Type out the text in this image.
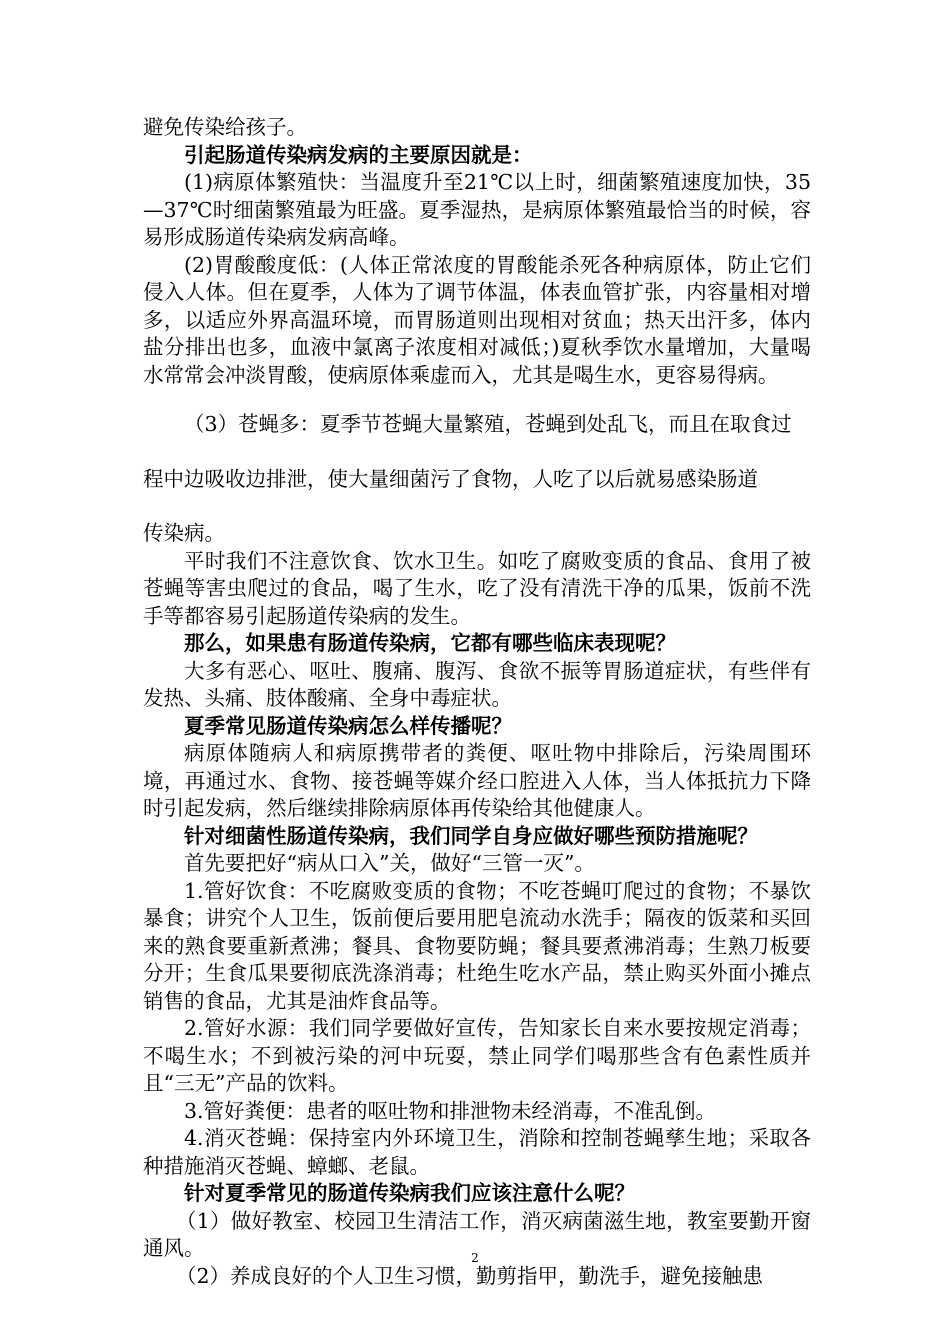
避免传染给孩子。

引起肠道传染病发病的主要原因就是：

(1)病原体繁殖快：当温度升至21℃以上时，细菌繁殖速度加快，35—37℃时细菌繁殖最为旺盛。夏季湿热，是病原体繁殖最恰当的时候，容易形成肠道传染病发病高峰。

(2)胃酸酸度低：(人体正常浓度的胃酸能杀死各种病原体，防止它们侵入人体。但在夏季，人体为了调节体温，体表血管扩张，内容量相对增多，以适应外界高温环境，而胃肠道则出现相对贫血；热天出汗多，体内盐分排出也多，血液中氯离子浓度相对减低；)夏秋季饮水量增加，大量喝水常常会冲淡胃酸，使病原体乘虚而入，尤其是喝生水，更容易得病。

（3）苍蝇多：夏季节苍蝇大量繁殖，苍蝇到处乱飞，而且在取食过

程中边吸收边排泄，使大量细菌污了食物，人吃了以后就易感染肠道

传染病。

平时我们不注意饮食、饮水卫生。如吃了腐败变质的食品、食用了被苍蝇等害虫爬过的食品，喝了生水，吃了没有清洗干净的瓜果，饭前不洗手等都容易引起肠道传染病的发生。

那么，如果患有肠道传染病，它都有哪些临床表现呢？

大多有恶心、呕吐、腹痛、腹泻、食欲不振等胃肠道症状，有些伴有发热、头痛、肢体酸痛、全身中毒症状。

夏季常见肠道传染病怎么样传播呢？

病原体随病人和病原携带者的粪便、呕吐物中排除后，污染周围环境，再通过水、食物、接苍蝇等媒介经口腔进入人体，当人体抵抗力下降时引起发病，然后继续排除病原体再传染给其他健康人。

针对细菌性肠道传染病，我们同学自身应做好哪些预防措施呢？

首先要把好“病从口入”关，做好“三管一灭”。

1.管好饮食：不吃腐败变质的食物；不吃苍蝇叮爬过的食物；不暴饮暴食；讲究个人卫生，饭前便后要用肥皂流动水洗手；隔夜的饭菜和买回来的熟食要重新煮沸；餐具、食物要防蝇；餐具要煮沸消毒；生熟刀板要分开；生食瓜果要彻底洗涤消毒；杜绝生吃水产品，禁止购买外面小摊点销售的食品，尤其是油炸食品等。

2.管好水源：我们同学要做好宣传，告知家长自来水要按规定消毒；不喝生水；不到被污染的河中玩耍，禁止同学们喝那些含有色素性质并且“三无”产品的饮料。

3.管好粪便：患者的呕吐物和排泄物未经消毒，不准乱倒。

4.消灭苍蝇：保持室内外环境卫生，消除和控制苍蝇孳生地；采取各种措施消灭苍蝇、蟑螂、老鼠。

针对夏季常见的肠道传染病我们应该注意什么呢？

（1）做好教室、校园卫生清洁工作，消灭病菌滋生地，教室要勤开窗通风。

（2）养成良好的个人卫生习惯，勤剪指甲，勤洗手，避免接触患

2
